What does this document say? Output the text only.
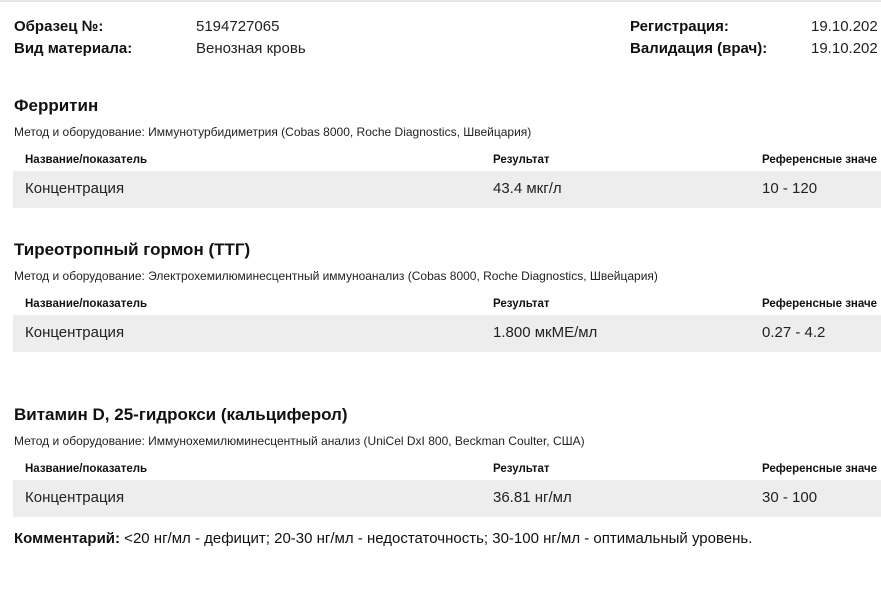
Образец №:	5194727065
Вид материала:	Венозная кровь
Регистрация:	19.10.202
Валидация (врач):	19.10.202
Ферритин
Метод и оборудование: Иммунотурбидиметрия (Cobas 8000, Roche Diagnostics, Швейцария)
Название/показатель	Результат	Референсные значе
Концентрация	43.4 мкг/л	10 - 120
Тиреотропный гормон (ТТГ)
Метод и оборудование: Электрохемилюминесцентный иммуноанализ (Cobas 8000, Roche Diagnostics, Швейцария)
Название/показатель	Результат	Референсные значе
Концентрация	1.800 мкМЕ/мл	0.27 - 4.2
Витамин D, 25-гидрокси (кальциферол)
Метод и оборудование: Иммунохемилюминесцентный анализ (UniCel DxI 800, Beckman Coulter, США)
Название/показатель	Результат	Референсные значе
Концентрация	36.81 нг/мл	30 - 100
Комментарий: <20 нг/мл - дефицит; 20-30 нг/мл - недостаточность; 30-100 нг/мл - оптимальный уровень.
